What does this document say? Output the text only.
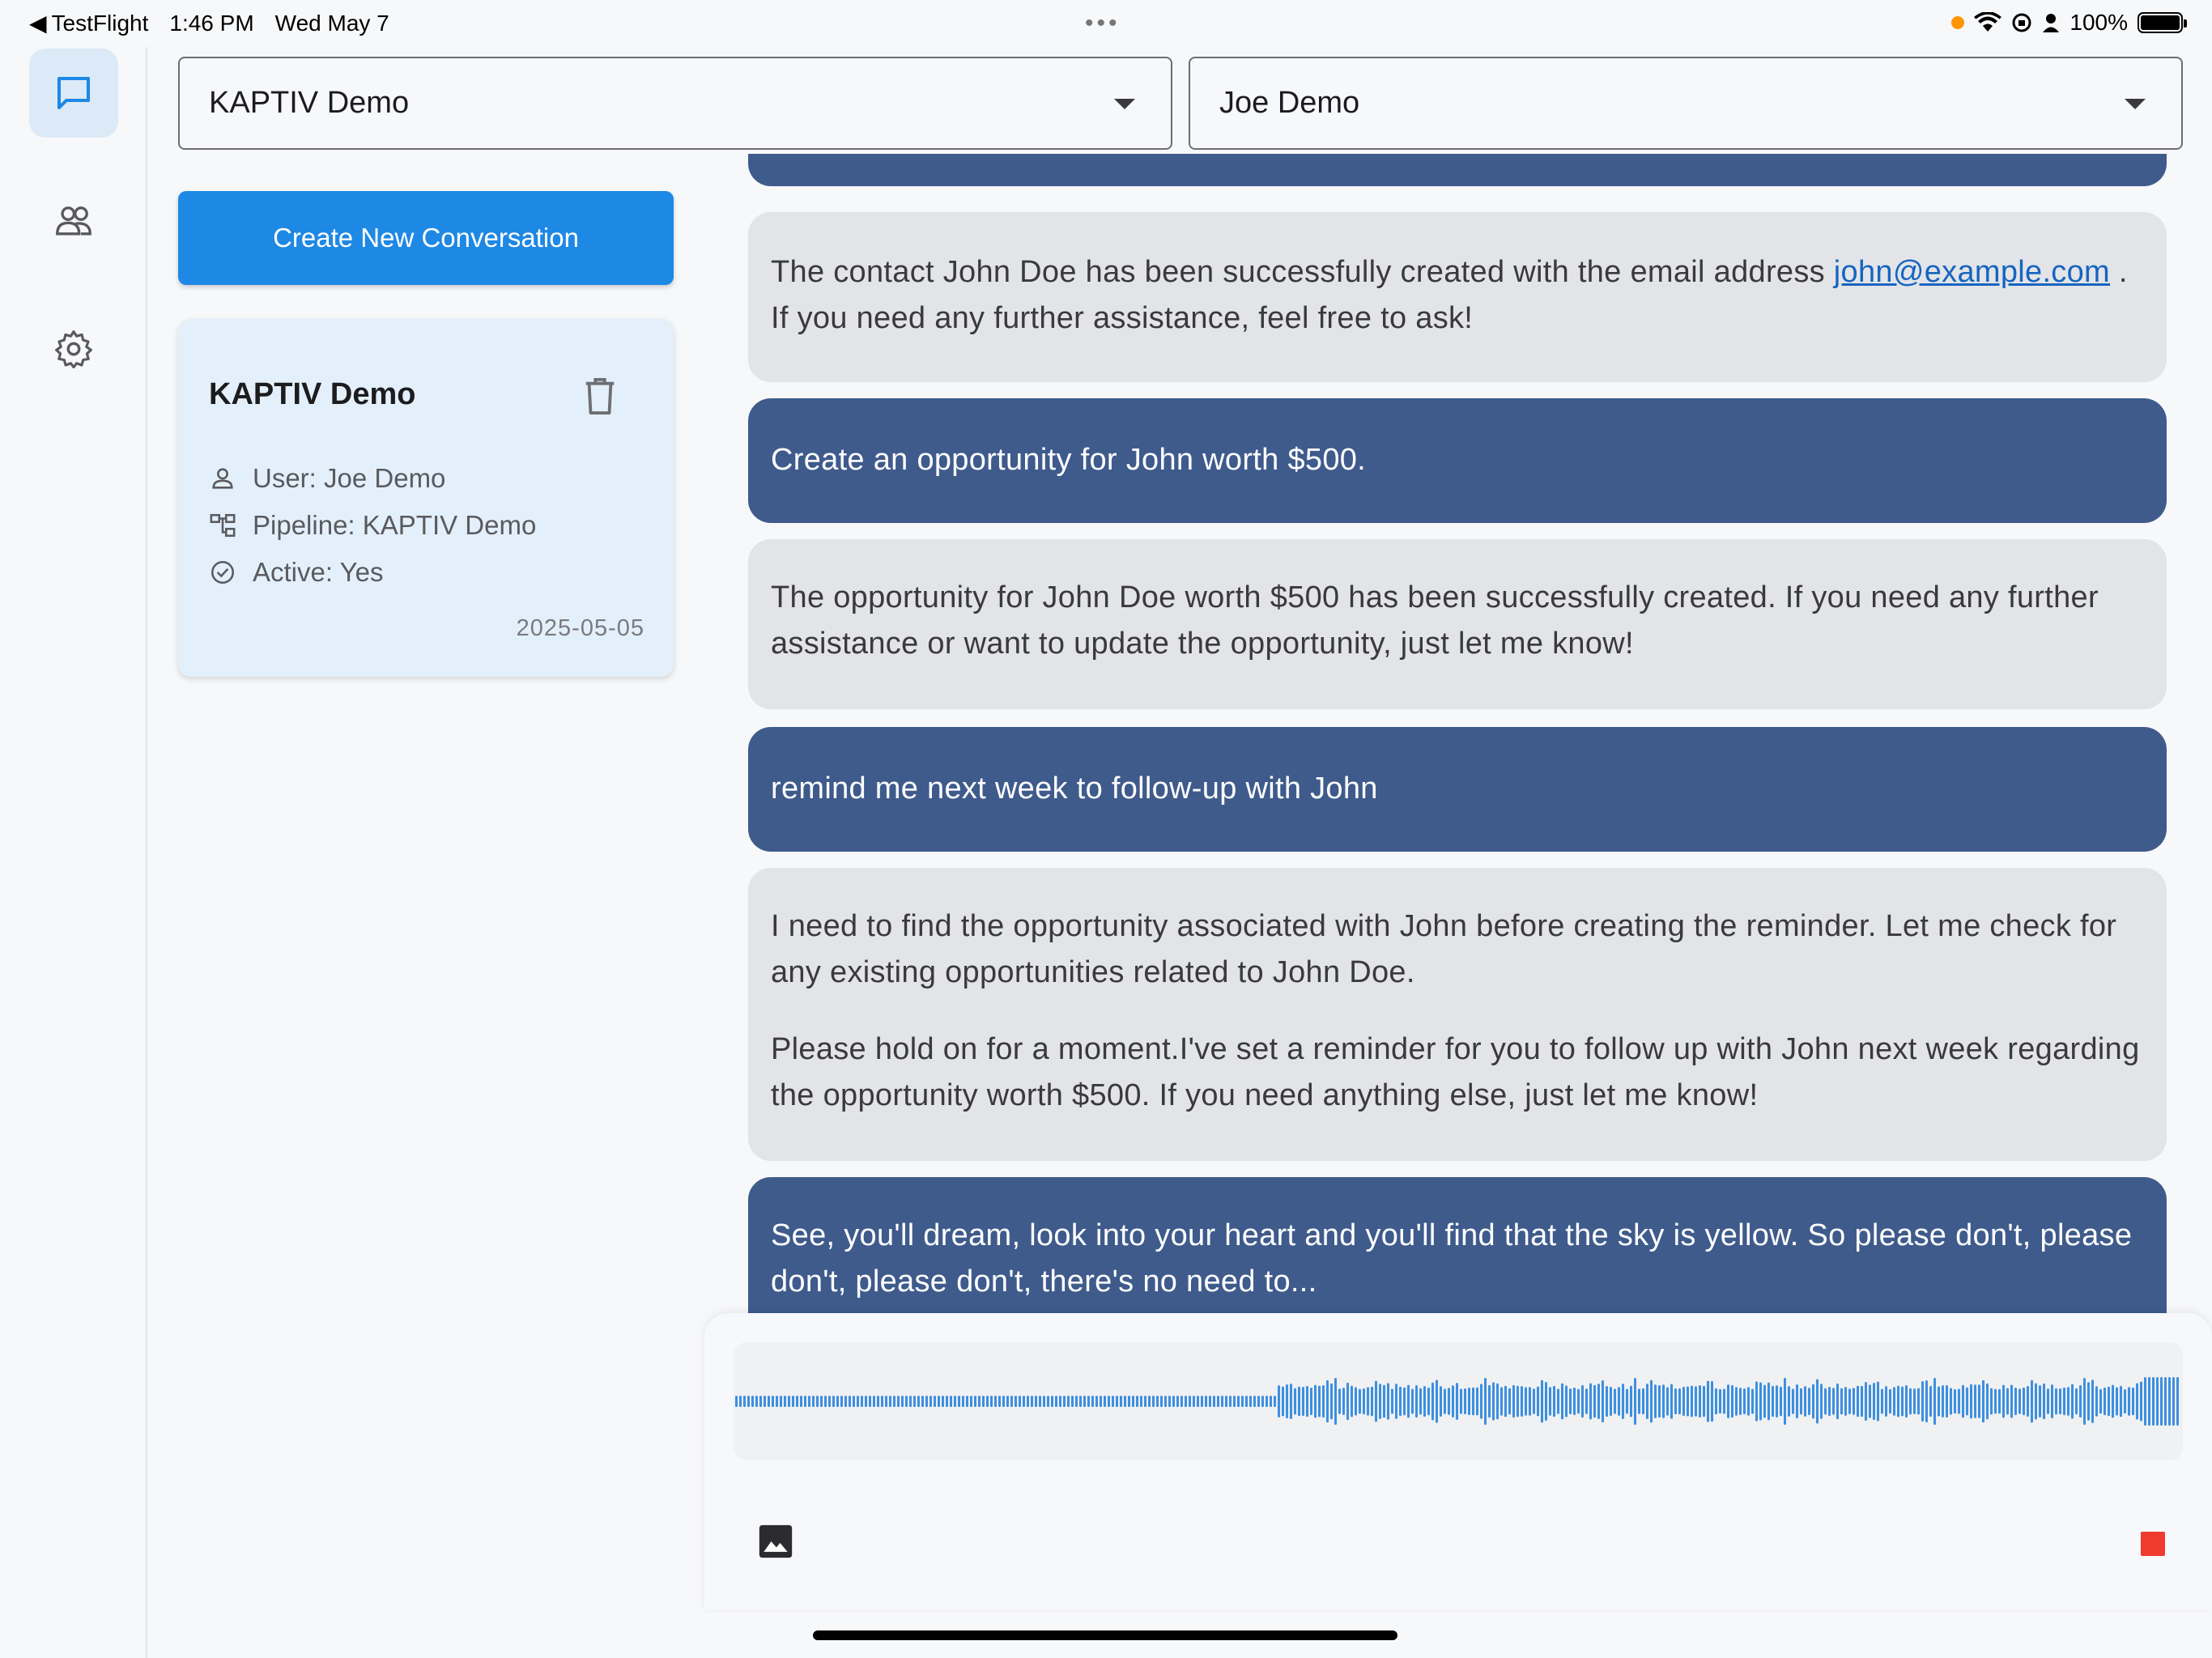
◀ TestFlight 1:46 PM Wed May 7	•••	100%
KAPTIV Demo	Joe Demo
Create New Conversation
KAPTIV Demo
User: Joe Demo
Pipeline: KAPTIV Demo
Active: Yes
2025-05-05

The contact John Doe has been successfully created with the email address john@example.com . If you need any further assistance, feel free to ask!

Create an opportunity for John worth $500.

The opportunity for John Doe worth $500 has been successfully created. If you need any further assistance or want to update the opportunity, just let me know!

remind me next week to follow-up with John

I need to find the opportunity associated with John before creating the reminder. Let me check for any existing opportunities related to John Doe.

Please hold on for a moment.I've set a reminder for you to follow up with John next week regarding the opportunity worth $500. If you need anything else, just let me know!

See, you'll dream, look into your heart and you'll find that the sky is yellow. So please don't, please don't, please don't, there's no need to...
